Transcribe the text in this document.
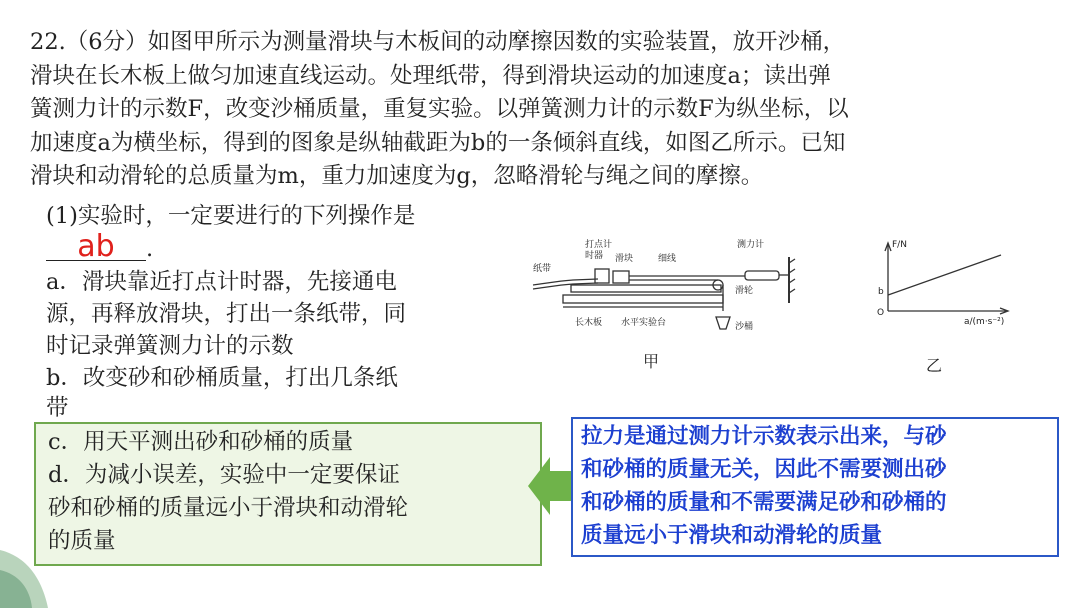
22.（6分）如图甲所示为测量滑块与木板间的动摩擦因数的实验装置，放开沙桶，
滑块在长木板上做匀加速直线运动。处理纸带，得到滑块运动的加速度a；读出弹
簧测力计的示数F，改变沙桶质量，重复实验。以弹簧测力计的示数F为纵坐标，以
加速度a为横坐标，得到的图象是纵轴截距为b的一条倾斜直线，如图乙所示。已知
滑块和动滑轮的总质量为m，重力加速度为g，忽略滑轮与绳之间的摩擦。
(1)实验时，一定要进行的下列操作是
ab .
a．滑块靠近打点计时器，先接通电
源，再释放滑块，打出一条纸带，同
时记录弹簧测力计的示数
b．改变砂和砂桶质量，打出几条纸
带

c．用天平测出砂和砂桶的质量

d．为减小误差，实验中一定要保证

砂和砂桶的质量远小于滑块和动滑轮

的质量

拉力是通过测力计示数表示出来，与砂

和砂桶的质量无关，因此不需要测出砂

和砂桶的质量和不需要满足砂和砂桶的

质量远小于滑块和动滑轮的质量

打点计
时器 滑块	细线
测力计
纸带
滑轮
长木板 水平实验台	沙桶
甲
F/N
a/(m·s⁻²)
b
O
乙
